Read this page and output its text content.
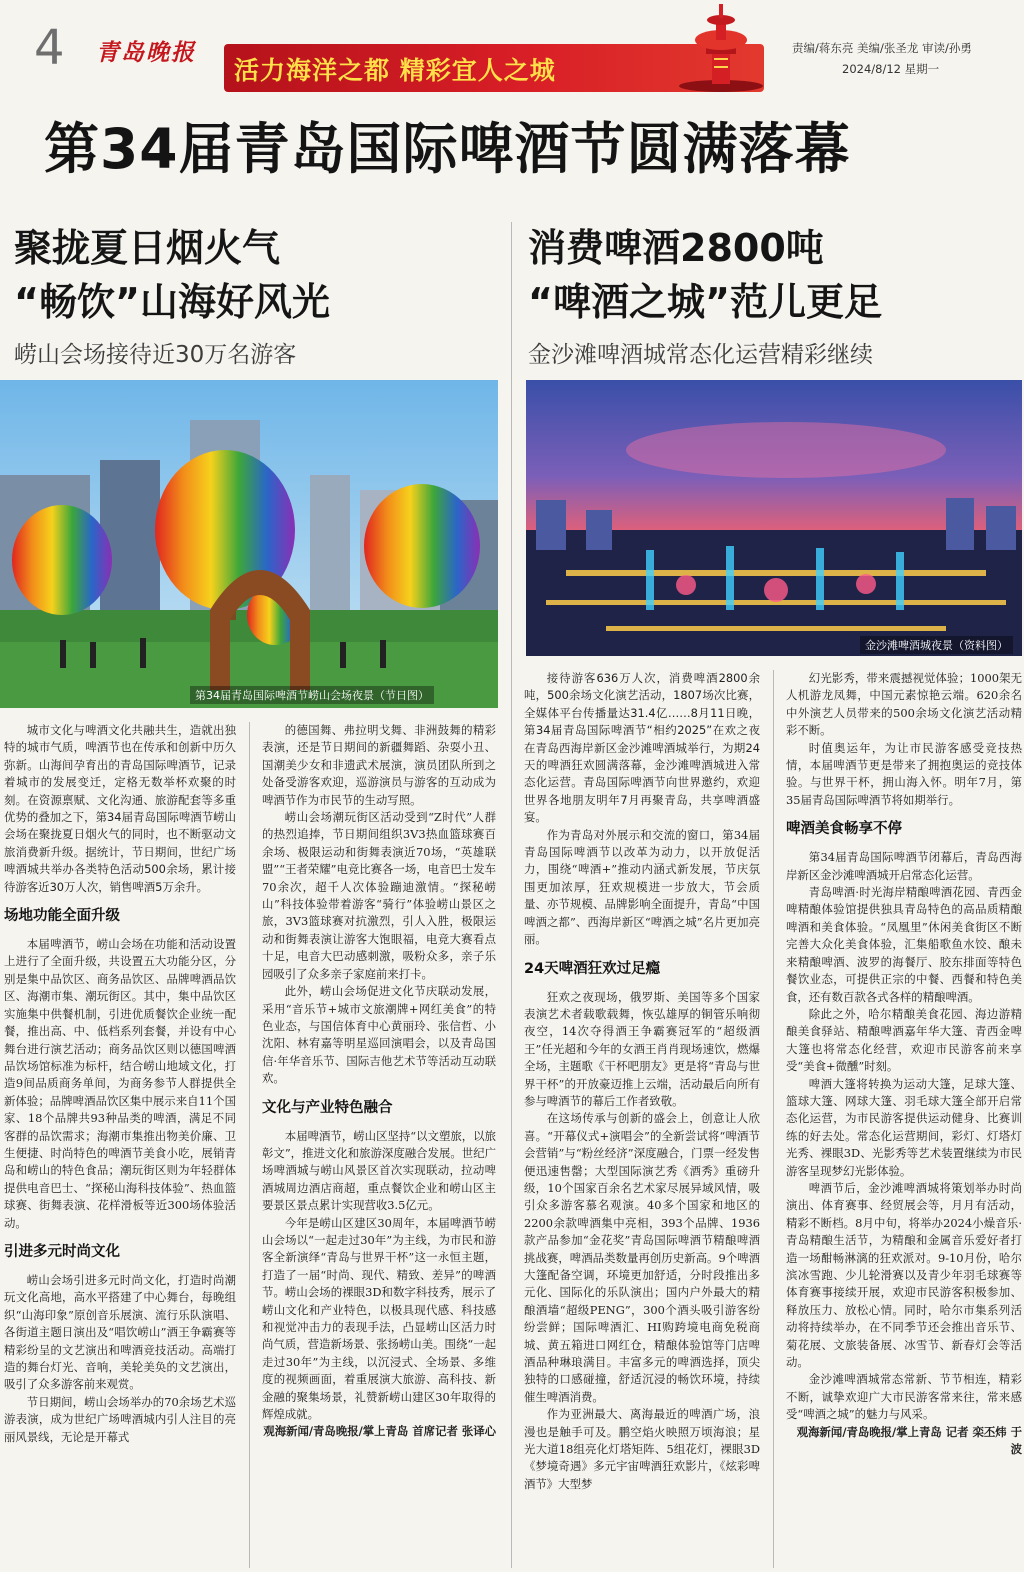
4 青岛晚报
活力海洋之都 精彩宜人之城
责编/蒋东亮 美编/张圣龙 审读/孙勇
2024/8/12 星期一
第34届青岛国际啤酒节圆满落幕
聚拢夏日烟火气
“畅饮”山海好风光
崂山会场接待近30万名游客
消费啤酒2800吨
“啤酒之城”范儿更足
金沙滩啤酒城常态化运营精彩继续
第34届青岛国际啤酒节崂山会场夜景（节日图）
金沙滩啤酒城夜景（资料图）

城市文化与啤酒文化共融共生，造就出独特的城市气质，啤酒节也在传承和创新中历久弥新。山海间孕育出的青岛国际啤酒节，记录着城市的发展变迁，定格无数举杯欢聚的时刻。在资源禀赋、文化沟通、旅游配套等多重优势的叠加之下，第34届青岛国际啤酒节崂山会场在聚拢夏日烟火气的同时，也不断驱动文旅消费新升级。据统计，节日期间，世纪广场啤酒城共举办各类特色活动500余场，累计接待游客近30万人次，销售啤酒5万余升。

场地功能全面升级

本届啤酒节，崂山会场在功能和活动设置上进行了全面升级，共设置五大功能分区，分别是集中品饮区、商务品饮区、品牌啤酒品饮区、海潮市集、潮玩街区。其中，集中品饮区实施集中供餐机制，引进优质餐饮企业统一配餐，推出高、中、低档系列套餐，并设有中心舞台进行演艺活动；商务品饮区则以德国啤酒品饮场馆标准为标杆，结合崂山地域文化，打造9间品质商务单间，为商务参节人群提供全新体验；品牌啤酒品饮区集中展示来自11个国家、18个品牌共93种品类的啤酒，满足不同客群的品饮需求；海潮市集推出物美价廉、卫生便捷、时尚特色的啤酒节美食小吃，展销青岛和崂山的特色食品；潮玩街区则为年轻群体提供电音巴士、“探秘山海科技体验”、热血篮球赛、街舞表演、花样滑板等近300场体验活动。

引进多元时尚文化

崂山会场引进多元时尚文化，打造时尚潮玩文化高地，高水平搭建了中心舞台，每晚组织“山海印象”原创音乐展演、流行乐队演唱、各街道主题日演出及“唱饮崂山”酒王争霸赛等精彩纷呈的文艺演出和啤酒竞技活动。高端打造的舞台灯光、音响，美轮美奂的文艺演出，吸引了众多游客前来观赏。

节日期间，崂山会场举办的70余场艺术巡游表演，成为世纪广场啤酒城内引人注目的亮丽风景线，无论是开幕式

的德国舞、弗拉明戈舞、非洲鼓舞的精彩表演，还是节日期间的新疆舞蹈、杂耍小丑、国潮美少女和非遗武术展演，演员团队所到之处备受游客欢迎，巡游演员与游客的互动成为啤酒节作为市民节的生动写照。

崂山会场潮玩街区活动受到“Z时代”人群的热烈追捧，节日期间组织3V3热血篮球赛百余场、极限运动和街舞表演近70场，“英雄联盟”“王者荣耀”电竞比赛各一场，电音巴士发车70余次，超千人次体验蹦迪激情。“探秘崂山”科技体验带着游客“骑行”体验崂山景区之旅，3V3篮球赛对抗激烈，引人入胜，极限运动和街舞表演让游客大饱眼福，电竞大赛看点十足，电音大巴动感刺激，吸粉众多，亲子乐园吸引了众多亲子家庭前来打卡。

此外，崂山会场促进文化节庆联动发展，采用“音乐节+城市文旅潮牌+网红美食”的特色业态，与国信体育中心黄丽玲、张信哲、小沈阳、林宥嘉等明星巡回演唱会，以及青岛国信·年华音乐节、国际吉他艺术节等活动互动联欢。

文化与产业特色融合

本届啤酒节，崂山区坚持“以文塑旅，以旅彰文”，推进文化和旅游深度融合发展。世纪广场啤酒城与崂山风景区首次实现联动，拉动啤酒城周边酒店商超，重点餐饮企业和崂山区主要景区景点累计实现营收3.5亿元。

今年是崂山区建区30周年，本届啤酒节崂山会场以“一起走过30年”为主线，为市民和游客全新演绎“青岛与世界干杯”这一永恒主题，打造了一届“时尚、现代、精致、差异”的啤酒节。崂山会场的裸眼3D和数字科技秀，展示了崂山文化和产业特色，以极具现代感、科技感和视觉冲击力的表现手法，凸显崂山区活力时尚气质，营造新场景、张扬崂山美。围绕“一起走过30年”为主线，以沉浸式、全场景、多维度的视频画面，着重展演大旅游、高科技、新金融的聚集场景，礼赞新崂山建区30年取得的辉煌成就。

观海新闻/青岛晚报/掌上青岛 首席记者 张译心

接待游客636万人次，消费啤酒2800余吨，500余场文化演艺活动，1807场次比赛，全媒体平台传播量达31.4亿……8月11日晚，第34届青岛国际啤酒节“相约2025”在欢之夜在青岛西海岸新区金沙滩啤酒城举行，为期24天的啤酒狂欢圆满落幕，金沙滩啤酒城进入常态化运营。青岛国际啤酒节向世界邀约，欢迎世界各地朋友明年7月再聚青岛，共享啤酒盛宴。

作为青岛对外展示和交流的窗口，第34届青岛国际啤酒节以改革为动力，以开放促活力，围绕“啤酒+”推动内涵式新发展，节庆氛围更加浓厚，狂欢规模进一步放大，节会质量、亦节规模、品牌影响全面提升，青岛“中国啤酒之都”、西海岸新区“啤酒之城”名片更加亮丽。

24天啤酒狂欢过足瘾

狂欢之夜现场，俄罗斯、美国等多个国家表演艺术者载歌载舞，恢弘雄厚的铜管乐响彻夜空，14次夺得酒王争霸赛冠军的“超级酒王”任光超和今年的女酒王肖肖现场速饮，燃爆全场，主题歌《干杯吧朋友》更是将“青岛与世界干杯”的开放豪迈推上云端，活动最后向所有参与啤酒节的幕后工作者致敬。

在这场传承与创新的盛会上，创意让人欣喜。“开幕仪式+演唱会”的全新尝试将“啤酒节会营销”与“粉丝经济”深度融合，门票一经发售便迅速售罄；大型国际演艺秀《酒秀》重磅升级，10个国家百余名艺术家尽展异域风情，吸引众多游客慕名观演。40多个国家和地区的2200余款啤酒集中亮相，393个品牌、1936款产品参加“金花奖”青岛国际啤酒节精酿啤酒挑战赛，啤酒品类数量再创历史新高。9个啤酒大篷配备空调，环境更加舒适，分时段推出多元化、国际化的乐队演出；国内户外最大的精酿酒墙“超级PENG”，300个酒头吸引游客纷纷尝鲜；国际啤酒汇、HI购跨境电商免税商城、黄五箱进口网红仓，精酿体验馆等门店啤酒品种琳琅满目。丰富多元的啤酒选择，顶尖独特的口感碰撞，舒适沉浸的畅饮环境，持续催生啤酒消费。

作为亚洲最大、离海最近的啤酒广场，浪漫也是触手可及。鹏空焰火映照万顷海浪；星光大道18组亮化灯塔矩阵、5组花灯，裸眼3D《梦境奇遇》多元宇宙啤酒狂欢影片，《炫彩啤酒节》大型梦

幻光影秀，带来震撼视觉体验；1000架无人机游龙凤舞，中国元素惊艳云端。620余名中外演艺人员带来的500余场文化演艺活动精彩不断。

时值奥运年，为让市民游客感受竞技热情，本届啤酒节更是带来了拥抱奥运的竞技体验。与世界干杯，拥山海入怀。明年7月，第35届青岛国际啤酒节将如期举行。

啤酒美食畅享不停

第34届青岛国际啤酒节闭幕后，青岛西海岸新区金沙滩啤酒城开启常态化运营。

青岛啤酒·时光海岸精酿啤酒花园、青西金啤精酿体验馆提供独具青岛特色的高品质精酿啤酒和美食体验。“凤凰里”休闲美食街区不断完善大众化美食体验，汇集船歌鱼水饺、酿未来精酿啤酒、波罗的海餐厅、胶东排面等特色餐饮业态，可提供正宗的中餐、西餐和特色美食，还有数百款各式各样的精酿啤酒。

除此之外，哈尔精酿美食花园、海边游精酿美食驿站、精酿啤酒嘉年华大篷、青西金啤大篷也将常态化经营，欢迎市民游客前来享受“美食+微醺”时刻。

啤酒大篷将转换为运动大篷，足球大篷、篮球大篷、网球大篷、羽毛球大篷全部开启常态化运营，为市民游客提供运动健身、比赛训练的好去处。常态化运营期间，彩灯、灯塔灯光秀、裸眼3D、光影秀等艺术装置继续为市民游客呈现梦幻光影体验。

啤酒节后，金沙滩啤酒城将策划举办时尚演出、体育赛事、经贸展会等，月月有活动，精彩不断档。8月中旬，将举办2024小燥音乐·青岛精酿生活节，为精酿和金属音乐爱好者打造一场酣畅淋漓的狂欢派对。9-10月份，哈尔滨冰雪跑、少儿轮滑赛以及青少年羽毛球赛等体育赛事接续开展，欢迎市民游客积极参加、释放压力、放松心情。同时，哈尔市集系列活动将持续举办，在不同季节还会推出音乐节、菊花展、文旅装备展、冰雪节、新春灯会等活动。

金沙滩啤酒城常态常新、节节相连，精彩不断，诚挚欢迎广大市民游客常来往，常来感受“啤酒之城”的魅力与风采。

观海新闻/青岛晚报/掌上青岛 记者 栾丕炜 于波
